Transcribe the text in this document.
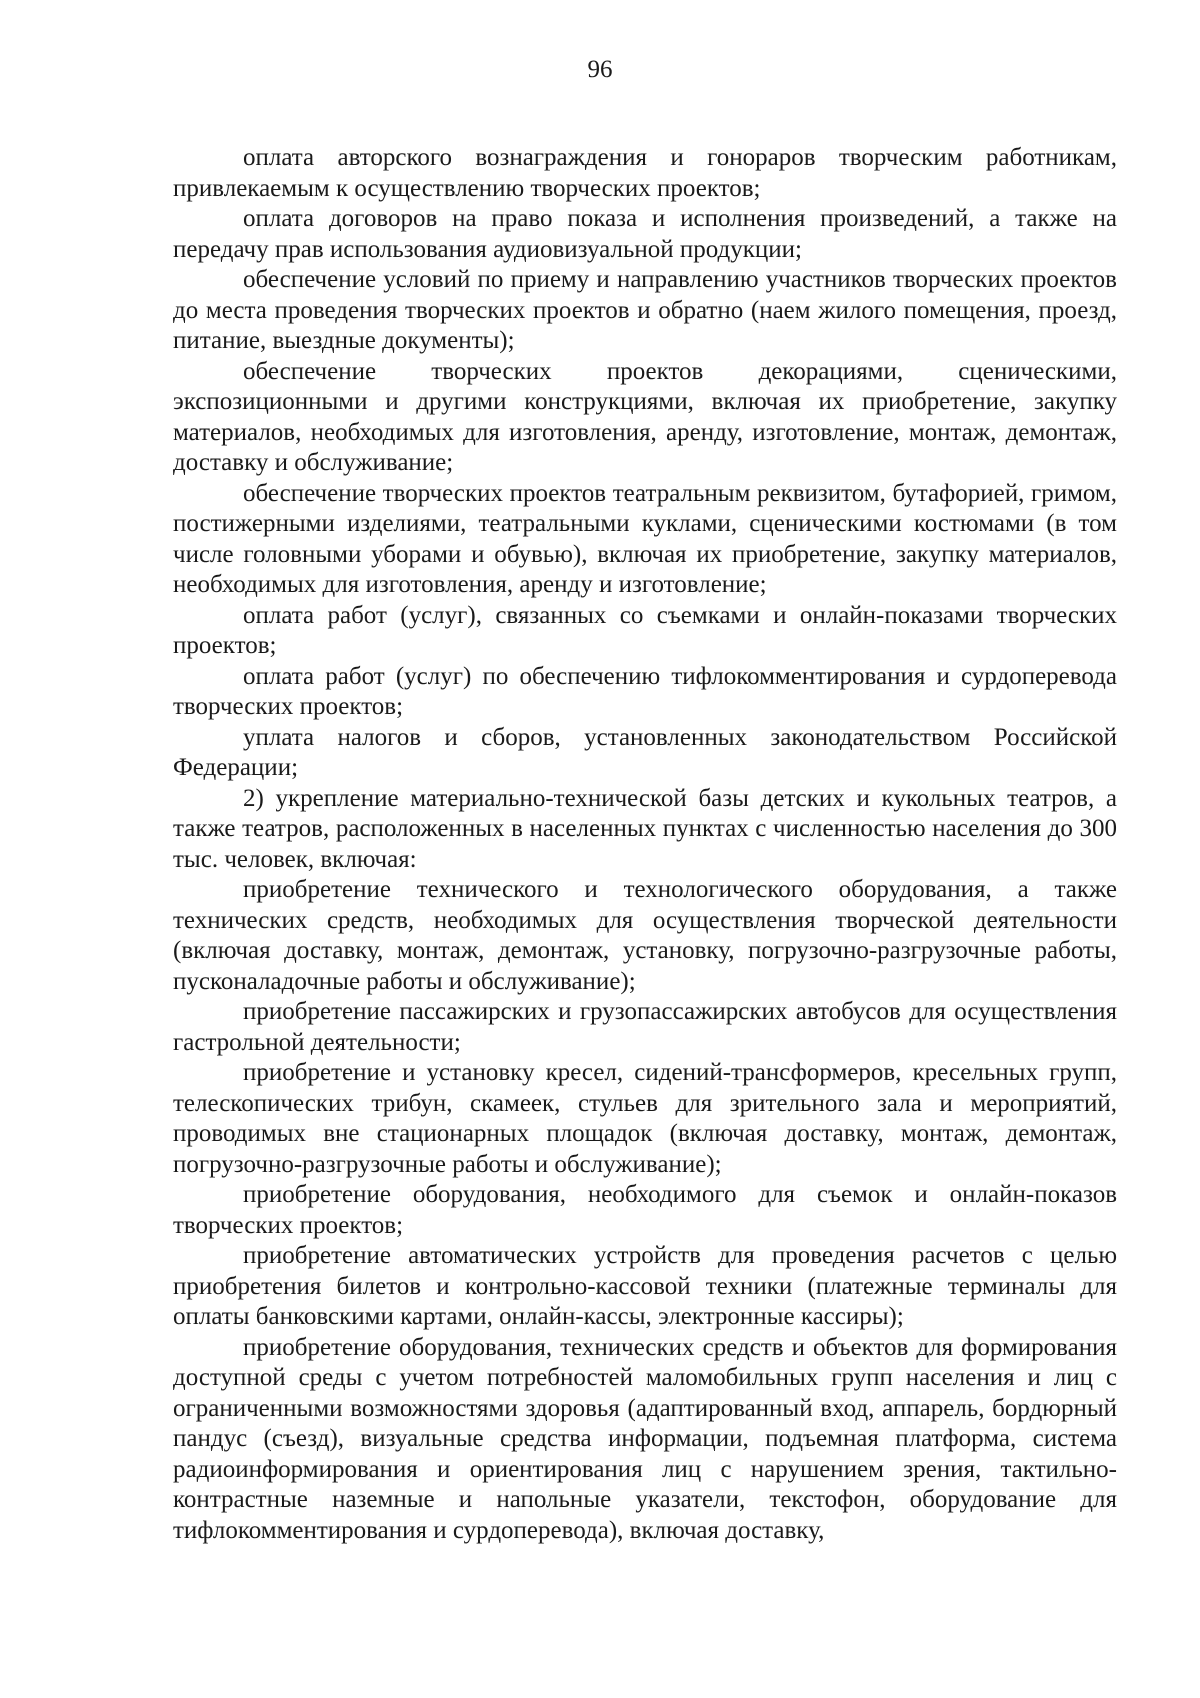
96

оплата авторского вознаграждения и гонораров творческим работникам, привлекаемым к осуществлению творческих проектов;

оплата договоров на право показа и исполнения произведений, а также на передачу прав использования аудиовизуальной продукции;

обеспечение условий по приему и направлению участников творческих проектов до места проведения творческих проектов и обратно (наем жилого помещения, проезд, питание, выездные документы);

обеспечение творческих проектов декорациями, сценическими, экспозиционными и другими конструкциями, включая их приобретение, закупку материалов, необходимых для изготовления, аренду, изготовление, монтаж, демонтаж, доставку и обслуживание;

обеспечение творческих проектов театральным реквизитом, бутафорией, гримом, постижерными изделиями, театральными куклами, сценическими костюмами (в том числе головными уборами и обувью), включая их приобретение, закупку материалов, необходимых для изготовления, аренду и изготовление;

оплата работ (услуг), связанных со съемками и онлайн-показами творческих проектов;

оплата работ (услуг) по обеспечению тифлокомментирования и сурдоперевода творческих проектов;

уплата налогов и сборов, установленных законодательством Российской Федерации;

2) укрепление материально-технической базы детских и кукольных театров, а также театров, расположенных в населенных пунктах с численностью населения до 300 тыс. человек, включая:

приобретение технического и технологического оборудования, а также технических средств, необходимых для осуществления творческой деятельности (включая доставку, монтаж, демонтаж, установку, погрузочно-разгрузочные работы, пусконаладочные работы и обслуживание);

приобретение пассажирских и грузопассажирских автобусов для осуществления гастрольной деятельности;

приобретение и установку кресел, сидений-трансформеров, кресельных групп, телескопических трибун, скамеек, стульев для зрительного зала и мероприятий, проводимых вне стационарных площадок (включая доставку, монтаж, демонтаж, погрузочно-разгрузочные работы и обслуживание);

приобретение оборудования, необходимого для съемок и онлайн-показов творческих проектов;

приобретение автоматических устройств для проведения расчетов с целью приобретения билетов и контрольно-кассовой техники (платежные терминалы для оплаты банковскими картами, онлайн-кассы, электронные кассиры);

приобретение оборудования, технических средств и объектов для формирования доступной среды с учетом потребностей маломобильных групп населения и лиц с ограниченными возможностями здоровья (адаптированный вход, аппарель, бордюрный пандус (съезд), визуальные средства информации, подъемная платформа, система радиоинформирования и ориентирования лиц с нарушением зрения, тактильно-контрастные наземные и напольные указатели, текстофон, оборудование для тифлокомментирования и сурдоперевода), включая доставку,
